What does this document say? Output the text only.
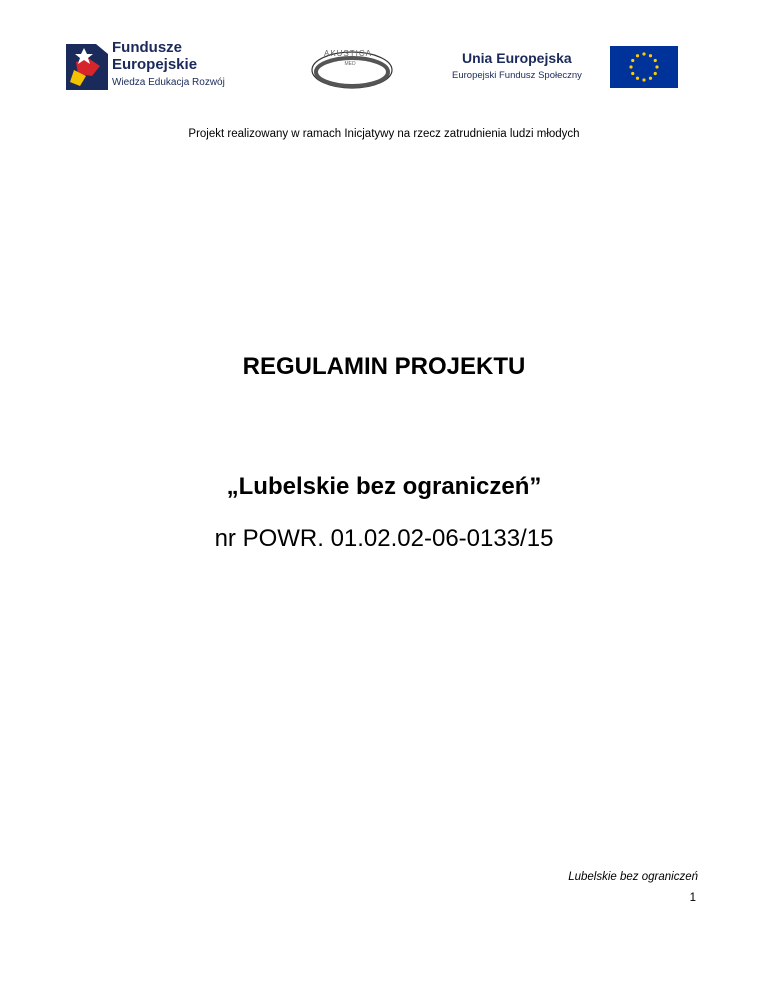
Fundusze
Europejskie
Wiedza Edukacja Rozwój
AKUSTICA
MED	Unia Europejska
Europejski Fundusz Społeczny
Projekt realizowany w ramach Inicjatywy na rzecz zatrudnienia ludzi młodych
REGULAMIN PROJEKTU
„Lubelskie bez ograniczeń”
nr POWR. 01.02.02-06-0133/15
Lubelskie bez ograniczeń
1
